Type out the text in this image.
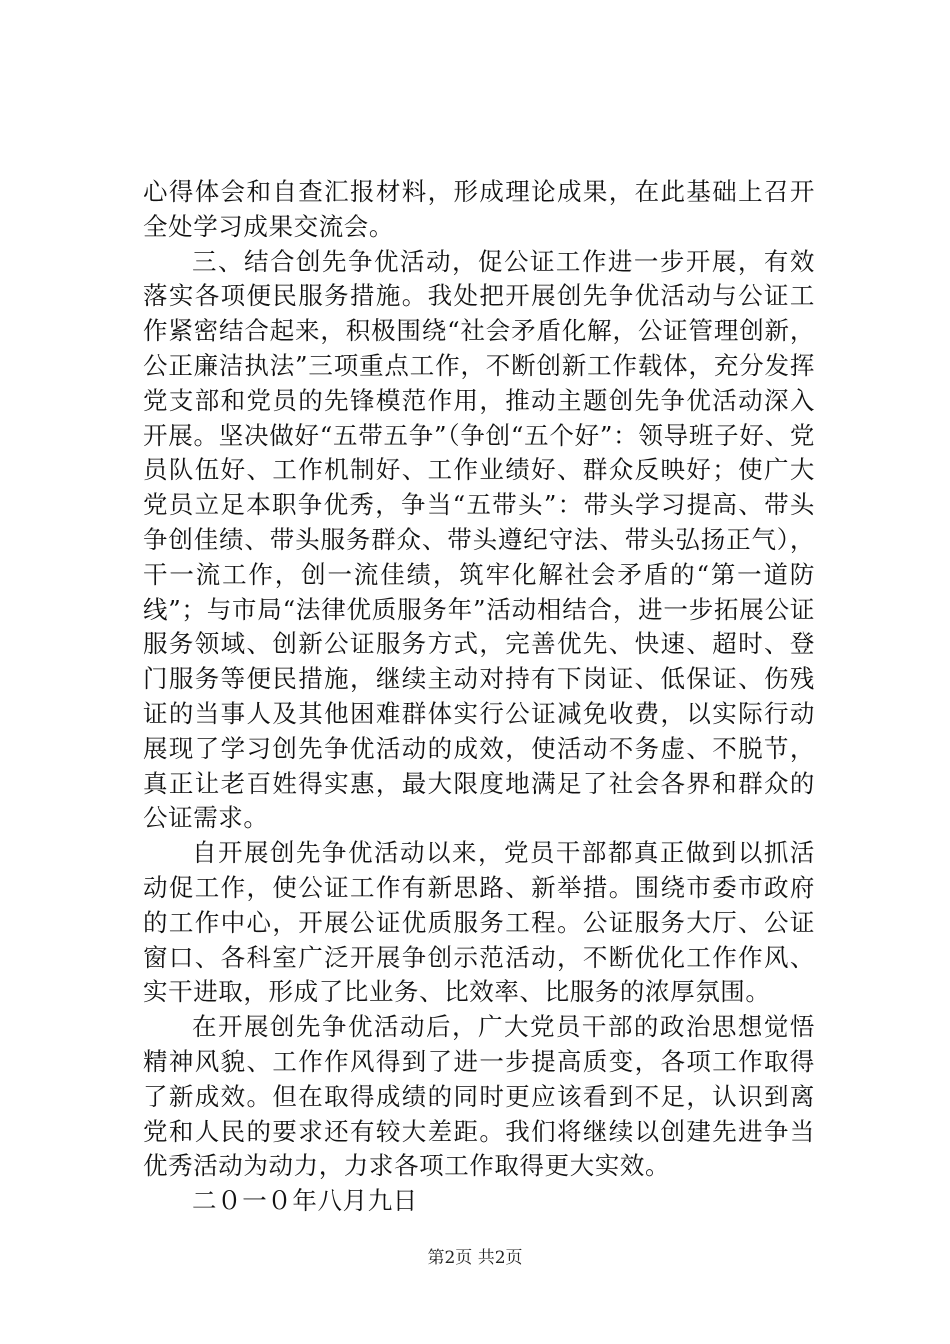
心得体会和自查汇报材料，形成理论成果，在此基础上召开全处学习成果交流会。

三、结合创先争优活动，促公证工作进一步开展，有效落实各项便民服务措施。我处把开展创先争优活动与公证工作紧密结合起来，积极围绕“社会矛盾化解，公证管理创新，公正廉洁执法”三项重点工作，不断创新工作载体，充分发挥党支部和党员的先锋模范作用，推动主题创先争优活动深入开展。坚决做好“五带五争”（争创“五个好”：领导班子好、党员队伍好、工作机制好、工作业绩好、群众反映好；使广大党员立足本职争优秀，争当“五带头”：带头学习提高、带头争创佳绩、带头服务群众、带头遵纪守法、带头弘扬正气），干一流工作，创一流佳绩，筑牢化解社会矛盾的“第一道防线”；与市局“法律优质服务年”活动相结合，进一步拓展公证服务领域、创新公证服务方式，完善优先、快速、超时、登门服务等便民措施，继续主动对持有下岗证、低保证、伤残证的当事人及其他困难群体实行公证减免收费，以实际行动展现了学习创先争优活动的成效，使活动不务虚、不脱节，真正让老百姓得实惠，最大限度地满足了社会各界和群众的公证需求。

自开展创先争优活动以来，党员干部都真正做到以抓活动促工作，使公证工作有新思路、新举措。围绕市委市政府的工作中心，开展公证优质服务工程。公证服务大厅、公证窗口、各科室广泛开展争创示范活动，不断优化工作作风、实干进取，形成了比业务、比效率、比服务的浓厚氛围。

在开展创先争优活动后，广大党员干部的政治思想觉悟精神风貌、工作作风得到了进一步提高质变，各项工作取得了新成效。但在取得成绩的同时更应该看到不足，认识到离党和人民的要求还有较大差距。我们将继续以创建先进争当优秀活动为动力，力求各项工作取得更大实效。

二０一０年八月九日

第2页 共2页
